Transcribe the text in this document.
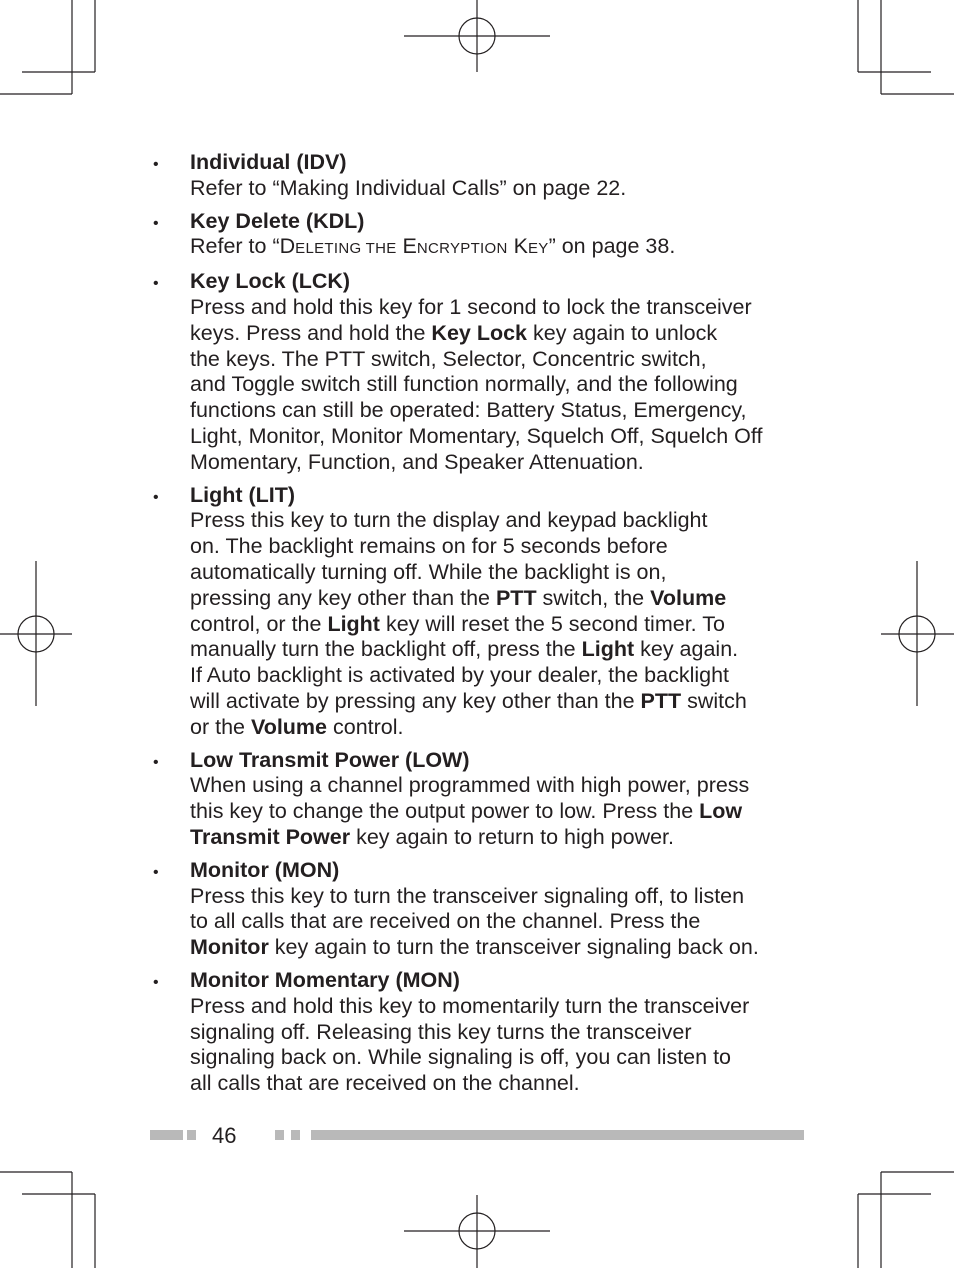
• Individual (IDV)
Refer to “Making Individual Calls” on page 22.
• Key Delete (KDL)
Refer to “DELETING THE ENCRYPTION KEY” on page 38.
• Key Lock (LCK)
Press and hold this key for 1 second to lock the transceiver
keys. Press and hold the Key Lock key again to unlock
the keys. The PTT switch, Selector, Concentric switch,
and Toggle switch still function normally, and the following
functions can still be operated: Battery Status, Emergency,
Light, Monitor, Monitor Momentary, Squelch Off, Squelch Off
Momentary, Function, and Speaker Attenuation.
• Light (LIT)
Press this key to turn the display and keypad backlight
on. The backlight remains on for 5 seconds before
automatically turning off. While the backlight is on,
pressing any key other than the PTT switch, the Volume
control, or the Light key will reset the 5 second timer. To
manually turn the backlight off, press the Light key again.
If Auto backlight is activated by your dealer, the backlight
will activate by pressing any key other than the PTT switch
or the Volume control.
• Low Transmit Power (LOW)
When using a channel programmed with high power, press
this key to change the output power to low. Press the Low
Transmit Power key again to return to high power.
• Monitor (MON)
Press this key to turn the transceiver signaling off, to listen
to all calls that are received on the channel. Press the
Monitor key again to turn the transceiver signaling back on.
• Monitor Momentary (MON)
Press and hold this key to momentarily turn the transceiver
signaling off. Releasing this key turns the transceiver
signaling back on. While signaling is off, you can listen to
all calls that are received on the channel.
46
